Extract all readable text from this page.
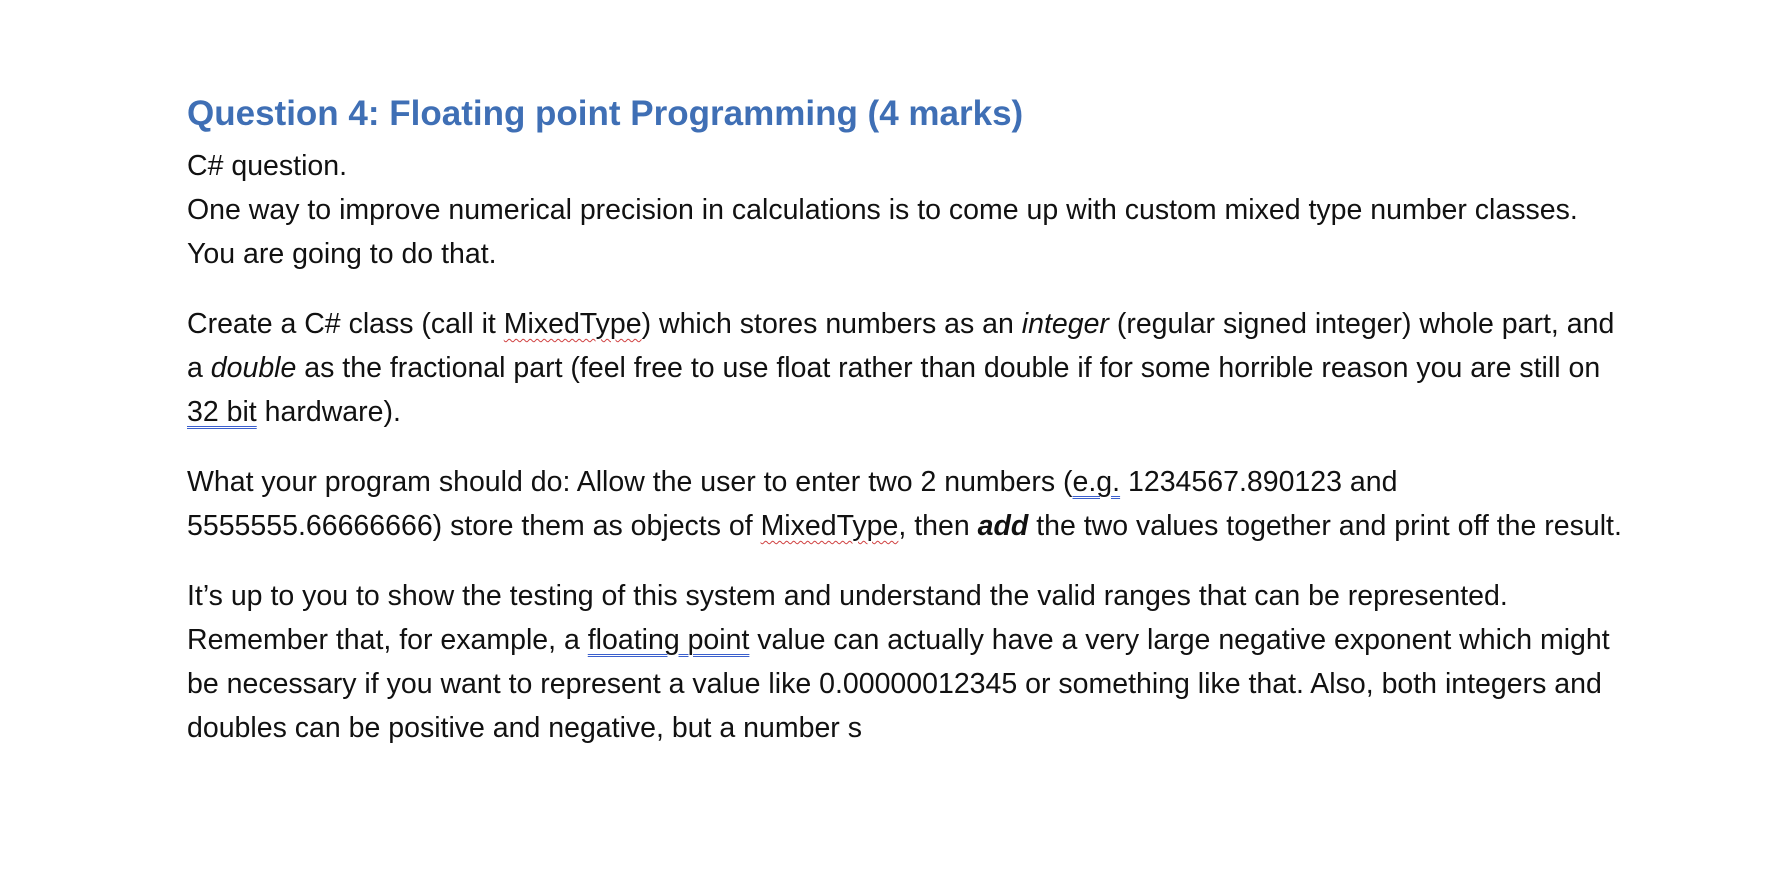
Question 4: Floating point Programming (4 marks)

C# question.

One way to improve numerical precision in calculations is to come up with custom mixed type number classes. You are going to do that.

Create a C# class (call it MixedType) which stores numbers as an integer (regular signed integer) whole part, and a double as the fractional part (feel free to use float rather than double if for some horrible reason you are still on 32 bit hardware).

What your program should do: Allow the user to enter two 2 numbers (e.g. 1234567.890123 and 5555555.66666666) store them as objects of MixedType, then add the two values together and print off the result.

It’s up to you to show the testing of this system and understand the valid ranges that can be represented. Remember that, for example, a floating point value can actually have a very large negative exponent which might be necessary if you want to represent a value like 0.00000012345 or something like that. Also, both integers and doubles can be positive and negative, but a number s
